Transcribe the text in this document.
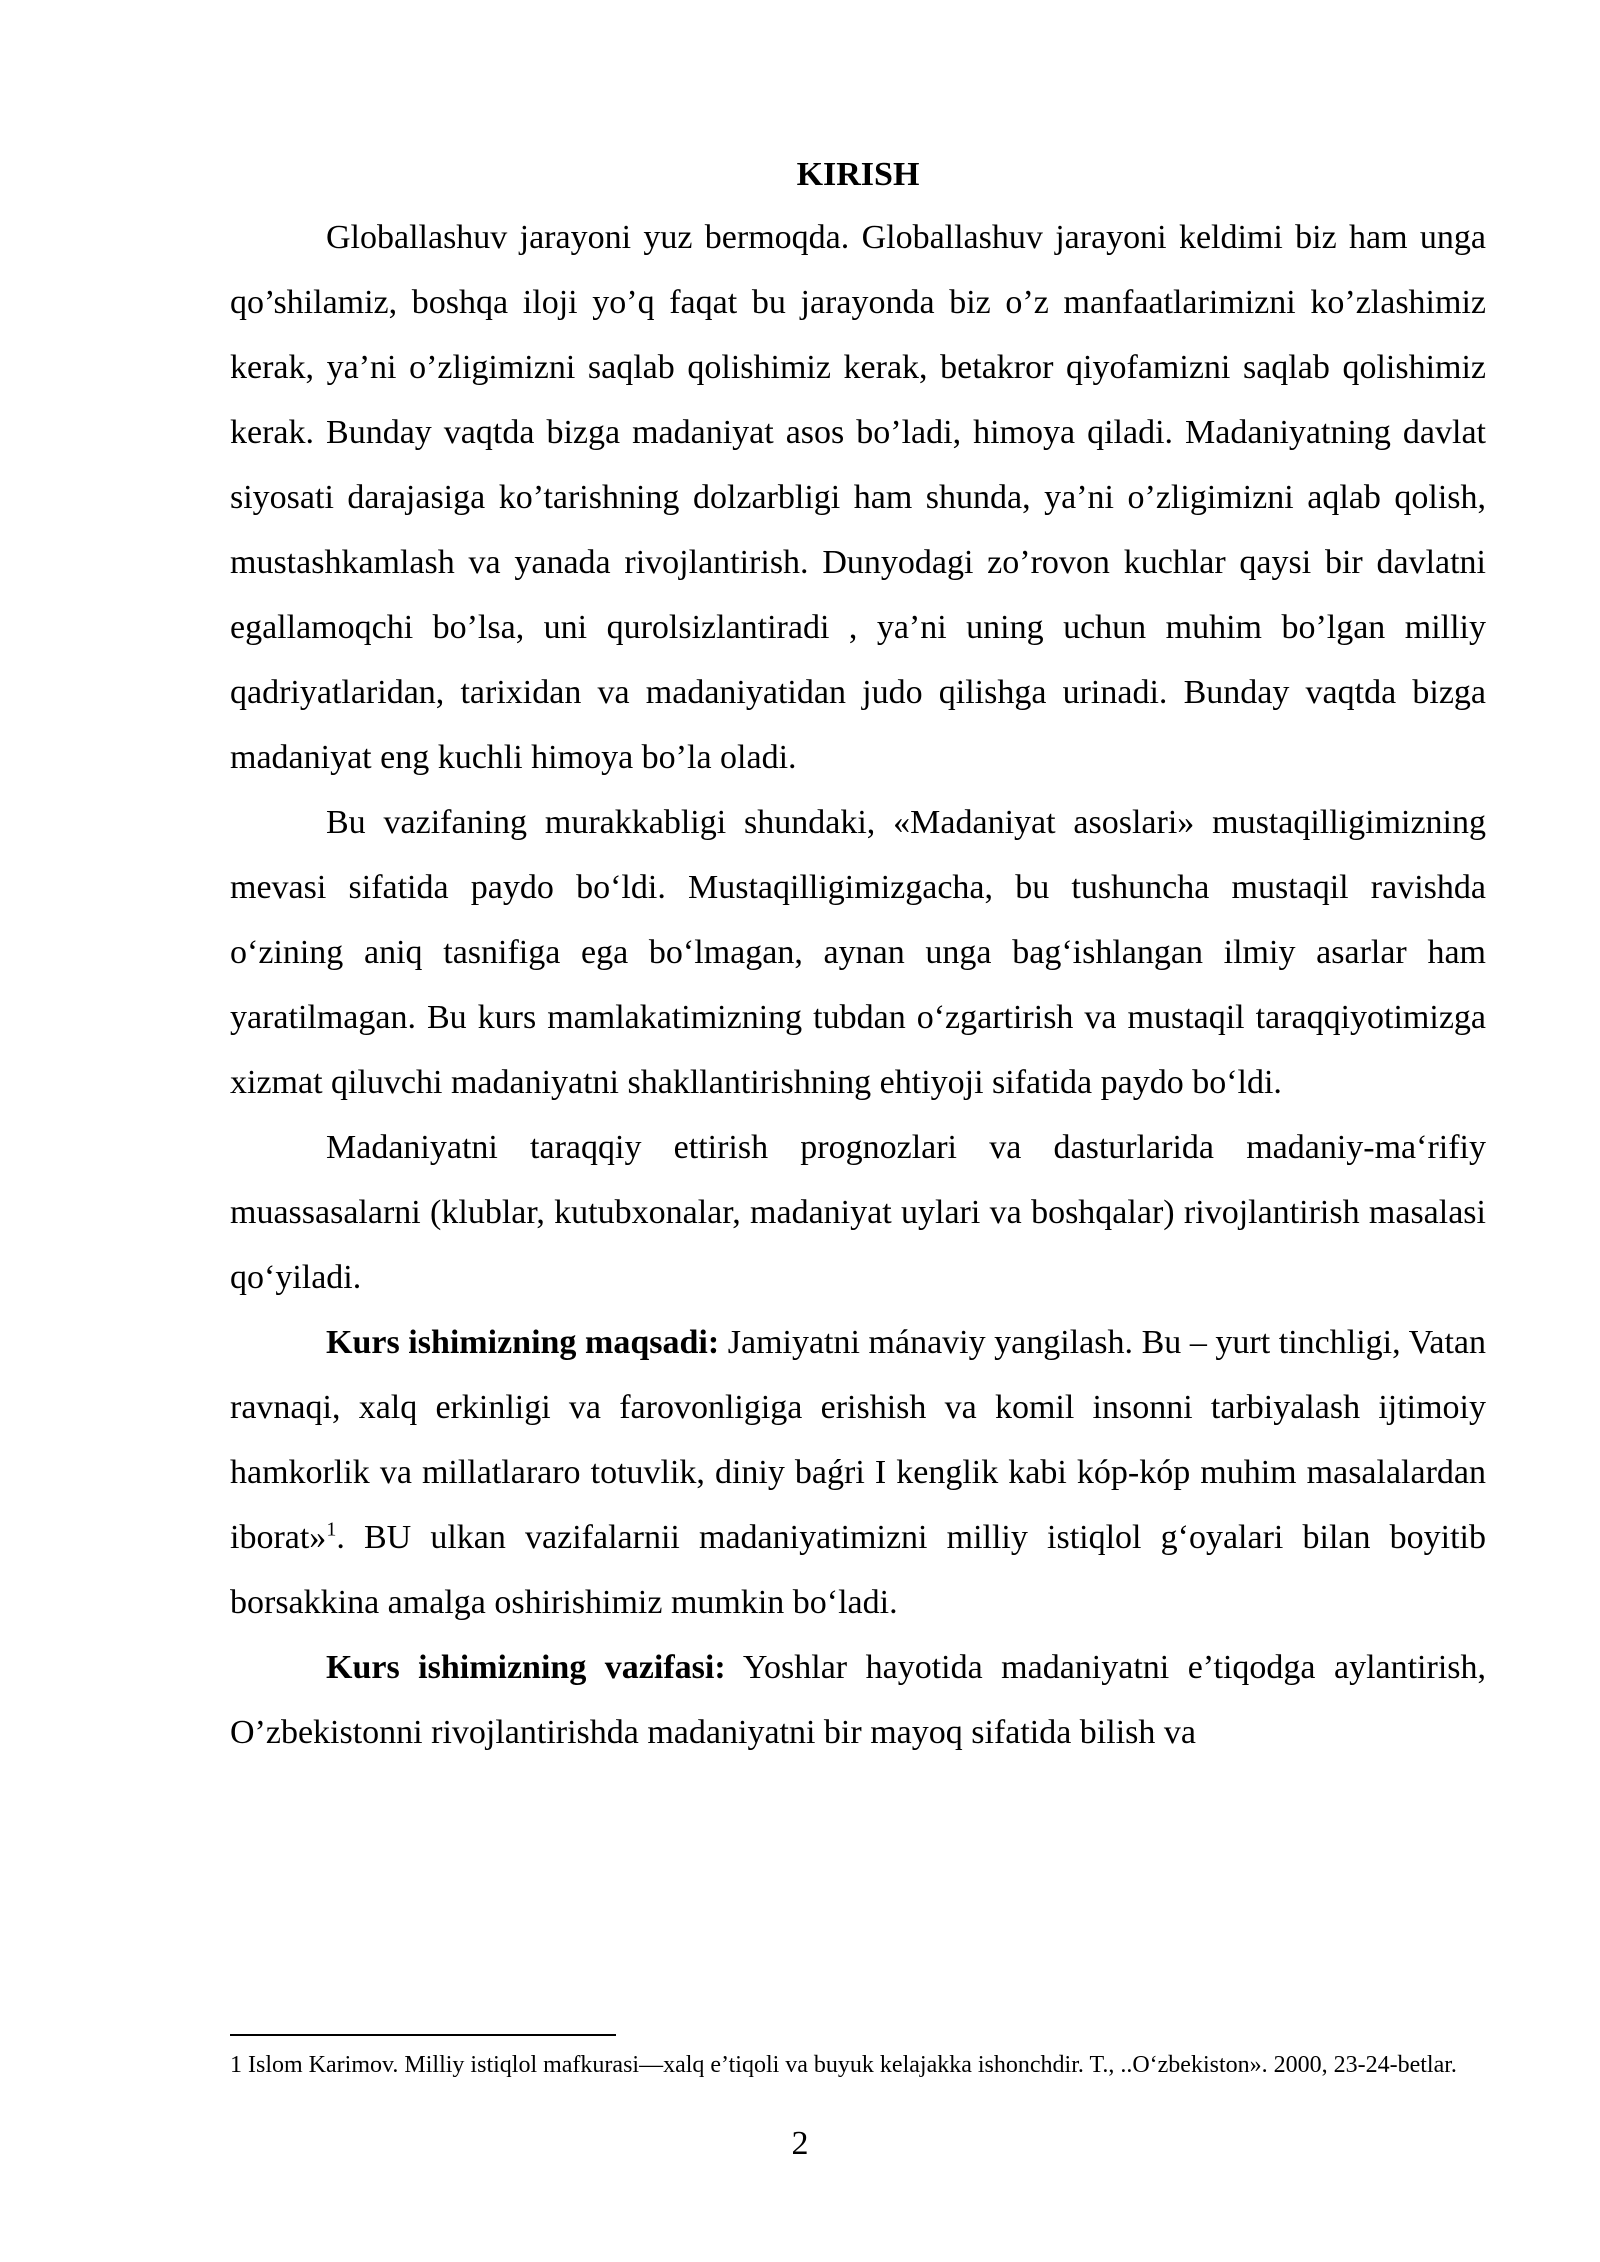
KIRISH

Globallashuv jarayoni yuz bermoqda. Globallashuv jarayoni keldimi biz ham unga qo’shilamiz, boshqa iloji yo’q faqat bu jarayonda biz o’z manfaatlarimizni ko’zlashimiz kerak, ya’ni o’zligimizni saqlab qolishimiz kerak, betakror qiyofamizni saqlab qolishimiz kerak. Bunday vaqtda bizga madaniyat asos bo’ladi, himoya qiladi. Madaniyatning davlat siyosati darajasiga ko’tarishning dolzarbligi ham shunda, ya’ni o’zligimizni aqlab qolish, mustashkamlash va yanada rivojlantirish. Dunyodagi zo’rovon kuchlar qaysi bir davlatni egallamoqchi bo’lsa, uni qurolsizlantiradi , ya’ni uning uchun muhim bo’lgan milliy qadriyatlaridan, tarixidan va madaniyatidan judo qilishga urinadi. Bunday vaqtda bizga madaniyat eng kuchli himoya bo’la oladi.

Bu vazifaning murakkabligi shundaki, «Madaniyat asoslari» mustaqilligimizning mevasi sifatida paydo bo‘ldi. Mustaqilligimizgacha, bu tushuncha mustaqil ravishda o‘zining aniq tasnifiga ega bo‘lmagan, aynan unga bag‘ishlangan ilmiy asarlar ham yaratilmagan. Bu kurs mamlakatimizning tubdan o‘zgartirish va mustaqil taraqqiyotimizga xizmat qiluvchi madaniyatni shakllantirishning ehtiyoji sifatida paydo bo‘ldi.

Madaniyatni taraqqiy ettirish prognozlari va dasturlarida madaniy-ma‘rifiy muassasalarni (klublar, kutubxonalar, madaniyat uylari va boshqalar) rivojlantirish masalasi qo‘yiladi.

Kurs ishimizning maqsadi: Jamiyatni mánaviy yangilash. Bu – yurt tinchligi, Vatan ravnaqi, xalq erkinligi va farovonligiga erishish va komil insonni tarbiyalash ijtimoiy hamkorlik va millatlararo totuvlik, diniy baǵri I kenglik kabi kóp-kóp muhim masalalardan iborat»$^1$. BU ulkan vazifalarnii madaniyatimizni milliy istiqlol g‘oyalari bilan boyitib borsakkina amalga oshirishimiz mumkin bo‘ladi.

Kurs ishimizning vazifasi: Yoshlar hayotida madaniyatni e’tiqodga aylantirish, O’zbekistonni rivojlantirishda madaniyatni bir mayoq sifatida bilish va

1 Islom Karimov. Milliy istiqlol mafkurasi—xalq e’tiqoli va buyuk kelajakka ishonchdir. T., ..O‘zbekiston». 2000, 23-24-betlar.
2
